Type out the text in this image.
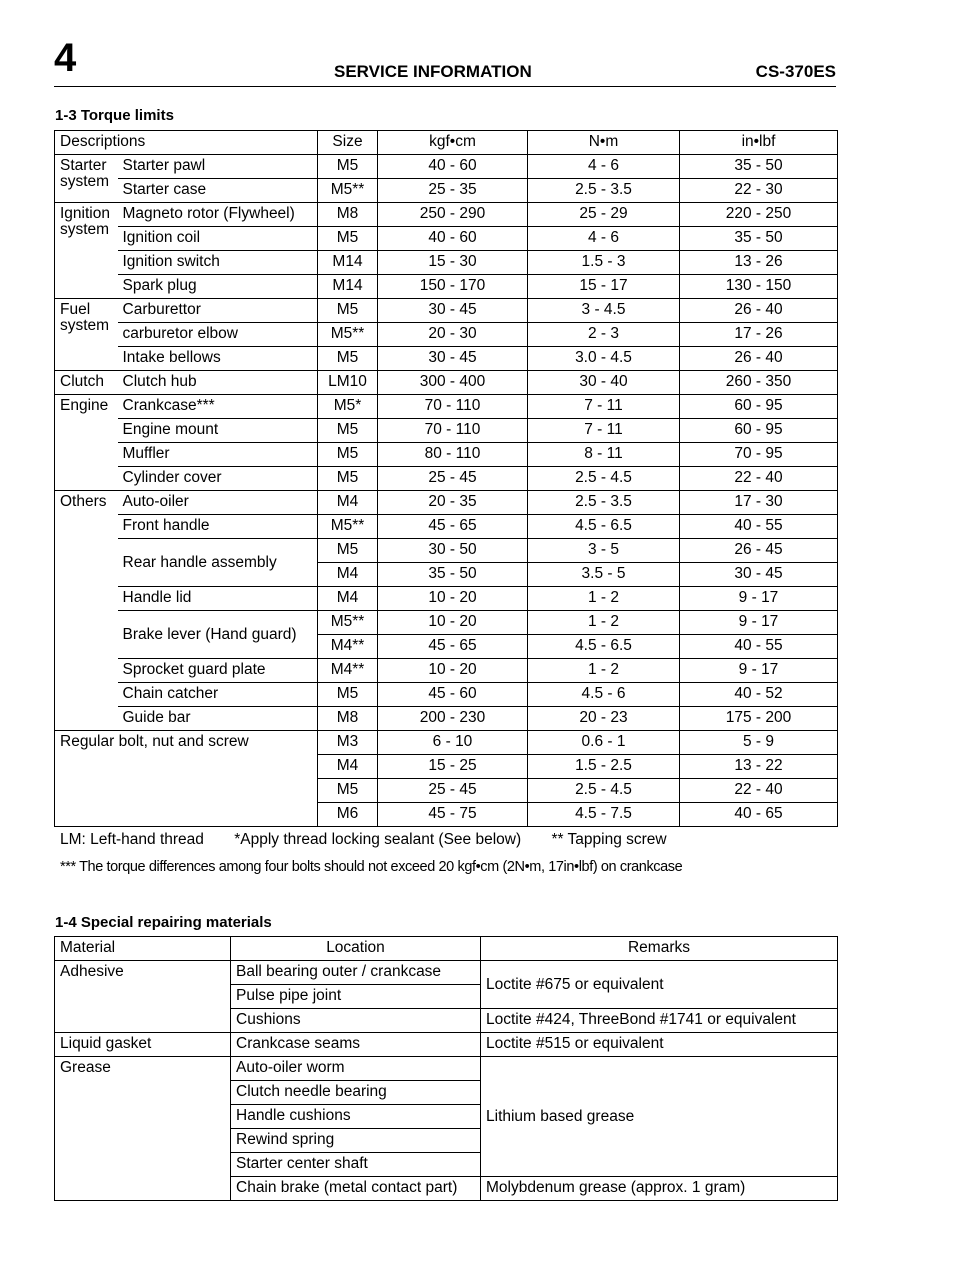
4	SERVICE INFORMATION	CS-370ES
1-3 Torque limits
Descriptions		Size	kgf•cm	N•m	in•lbf
Starter
system	Starter pawl	M5	40 - 60	4 - 6	35 - 50
	Starter case	M5**	25 - 35	2.5 - 3.5	22 - 30
Ignition
system	Magneto rotor (Flywheel)	M8	250 - 290	25 - 29	220 - 250
	Ignition coil	M5	40 - 60	4 - 6	35 - 50
	Ignition switch	M14	15 - 30	1.5 - 3	13 - 26
	Spark plug	M14	150 - 170	15 - 17	130 - 150
Fuel
system	Carburettor	M5	30 - 45	3 - 4.5	26 - 40
	carburetor elbow	M5**	20 - 30	2 - 3	17 - 26
	Intake bellows	M5	30 - 45	3.0 - 4.5	26 - 40
Clutch	Clutch hub	LM10	300 - 400	30 - 40	260 - 350
Engine	Crankcase***	M5*	70 - 110	7 - 11	60 - 95
	Engine mount	M5	70 - 110	7 - 11	60 - 95
	Muffler	M5	80 - 110	8 - 11	70 - 95
	Cylinder cover	M5	25 - 45	2.5 - 4.5	22 - 40
Others	Auto-oiler	M4	20 - 35	2.5 - 3.5	17 - 30
	Front handle	M5**	45 - 65	4.5 - 6.5	40 - 55
	Rear handle assembly	M5	30 - 50	3 - 5	26 - 45
		M4	35 - 50	3.5 - 5	30 - 45
	Handle lid	M4	10 - 20	1 - 2	9 - 17
	Brake lever (Hand guard)	M5**	10 - 20	1 - 2	9 - 17
		M4**	45 - 65	4.5 - 6.5	40 - 55
	Sprocket guard plate	M4**	10 - 20	1 - 2	9 - 17
	Chain catcher	M5	45 - 60	4.5 - 6	40 - 52
	Guide bar	M8	200 - 230	20 - 23	175 - 200
Regular bolt, nut and screw		M3	6 - 10	0.6 - 1	5 - 9
		M4	15 - 25	1.5 - 2.5	13 - 22
		M5	25 - 45	2.5 - 4.5	22 - 40
		M6	45 - 75	4.5 - 7.5	40 - 65
LM: Left-hand thread *Apply thread locking sealant (See below) ** Tapping screw
*** The torque differences among four bolts should not exceed 20 kgf•cm (2N•m, 17in•lbf) on crankcase
1-4 Special repairing materials
Material	Location	Remarks
Adhesive	Ball bearing outer / crankcase	Loctite #675 or equivalent
	Pulse pipe joint	
	Cushions	Loctite #424, ThreeBond #1741 or equivalent
Liquid gasket	Crankcase seams	Loctite #515 or equivalent
Grease	Auto-oiler worm	Lithium based grease
	Clutch needle bearing	
	Handle cushions	
	Rewind spring	
	Starter center shaft	
	Chain brake (metal contact part)	Molybdenum grease (approx. 1 gram)
